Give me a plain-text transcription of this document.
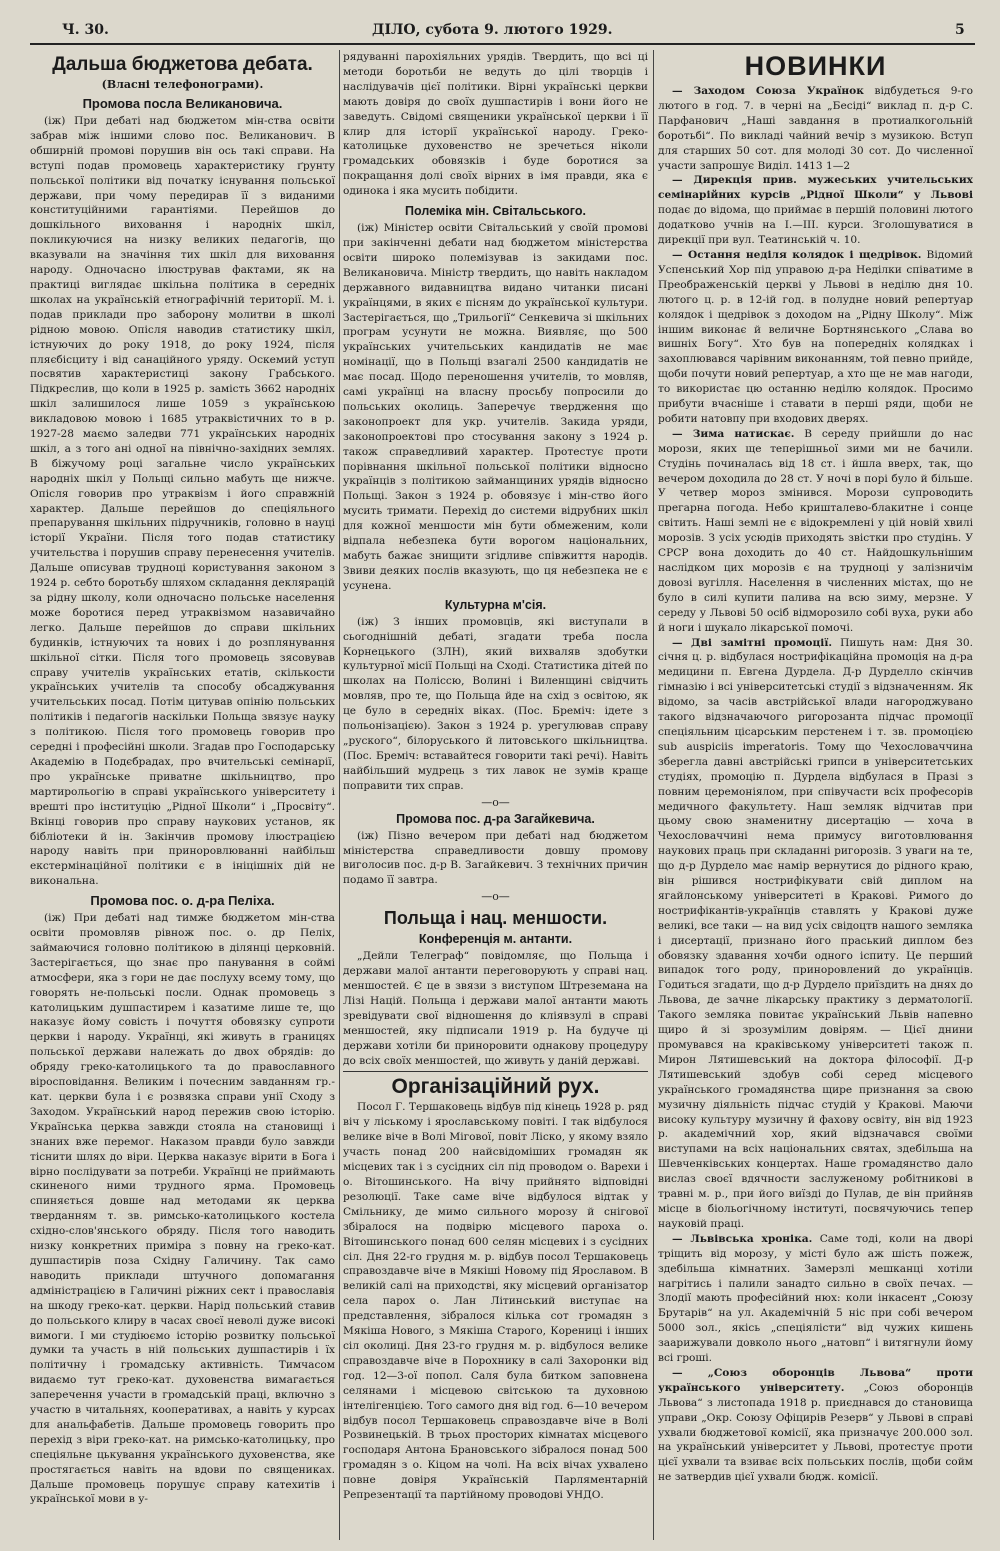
Ч. 30.	ДІЛО, субота 9. лютого 1929.	5
Дальша бюджетова дебата.
(Власні телефонограми).
Промова посла Великановича.

(іж) При дебаті над бюджетом мін-ства освіти забрав між іншими слово пос. Великанович. В обширній промові порушив він ось такі справи. На вступі подав промовець характеристику ґрунту польської політики від початку існування польської держави, при чому передирав її з виданими конституційними гарантіями. Перейшов до дошкільного виховання і народніх шкіл, покликуючися на низку великих педагогів, що вказували на значіння тих шкіл для виховання народу. Одночасно ілюстрував фактами, як на практиці виглядає шкільна політика в середніх школах на українській етнографічній території. М. і. подав приклади про заборону молитви в школі рідною мовою. Опісля наводив статистику шкіл, істнуючих до року 1918, до року 1924, після пляєбісциту і від санаційного уряду. Оскемий уступ посвятив характеристиці закону Грабського. Підкреслив, що коли в 1925 р. замість 3662 народніх шкіл залишилося лише 1059 з українською викладовою мовою і 1685 утраквістичних то в р. 1927-28 маємо заледви 771 українських народніх шкіл, а з того ані одної на північно-західних землях. В біжучому році загальне число українських народніх шкіл у Польщі сильно мабуть ще нижче. Опісля говорив про утраквізм і його справжній характер. Дальше перейшов до спеціяльного препарування шкільних підручників, головно в науці історії України. Після того подав статистику учительства і порушив справу перенесення учителів. Дальше описував трудноці користування законом з 1924 р. себто боротьбу шляхом складання деклярацій за рідну школу, коли одночасно польське населення може боротися перед утраквізмом назавичайно легко. Дальше перейшов до справи шкільних будинків, істнуючих та нових і до розплянування шкільної сітки. Після того промовець зясовував справу учителів українських етатів, скількости українських учителів та способу обсаджування учительських посад. Потім цитував опінію польських політиків і педагогів наскільки Польща звязує науку з політикою. Після того промовець говорив про середні і професійні школи. Згадав про Господарську Академію в Подєбрадах, про вчительські семінарії, про українське приватне шкільництво, про мартирольогію в справі українського університету і врешті про інституцію „Рідної Школи“ і „Просвіту“. Вкінці говорив про справу наукових установ, як бібліотеки й ін. Закінчив промову ілюстрацією народу навіть при приноровлюванні найбільш екстермінаційної політики є в ініцішніх дій не викональна.

Промова пос. о. д-ра Пеліха.

(іж) При дебаті над тимже бюджетом мін-ства освіти промовляв рівнож пос. о. др Пеліх, займаючися головно політикою в ділянці церковній. Застерігається, що знає про панування в соймі атмосфери, яка з гори не дає послуху всему тому, що говорять не-польські посли. Однак промовець з католицьким душпастирем і казатиме лише те, що наказує йому совість і почуття обовязку супроти церкви і народу. Українці, які живуть в границях польської держави належать до двох обрядів: до обряду греко-католицького та до православного віросповідання. Великим і почесним завданням гр.-кат. церкви була і є розвязка справи унії Сходу з Заходом. Український народ пережив свою історію. Українська церква завжди стояла на становищі і знаних вже перемог. Наказом правди було завжди тіснити шлях до віри. Церква наказує вірити в Бога і вірно послідувати за потреби. Українці не приймають скиненого ними трудного ярма. Промовець спиняється довше над методами як церква тверданням т. зв. римсько-католицького костела східно-слов'янського обряду. Після того наводить низку конкретних приміра з повну на греко-кат. душпастирів поза Східну Галичину. Так само наводить приклади штучного допомагання адміністрацією в Галичині ріжних сект і православія на шкоду греко-кат. церкви. Нарід польський ставив до польського клиру в часах своєї неволі дуже високі вимоги. І ми студіюємо історію розвитку польської думки та участь в ній польських душпастирів і їх політичну і громадську активність. Тимчасом видаємо тут греко-кат. духовенства вимагається заперечення участи в громадській праці, включно з участю в читальнях, кооперативах, а навіть у курсах для анальфабетів. Дальше промовець говорить про перехід з віри греко-кат. на римсько-католицьку, про спеціяльне цькування українського духовенства, яке простягається навіть на вдови по священиках. Дальше промовець порушує справу катехитів і української мови в у-

рядуванні парохіяльних урядів. Твердить, що всі ці методи боротьби не ведуть до цілі творців і наслідувачів цієї політики. Вірні українські церкви мають довіря до своїх душпастирів і вони його не заведуть. Свідомі священики української церкви і її клир для історії української народу. Греко-католицьке духовенство не зречеться ніколи громадських обовязків і буде боротися за покращання долі своїх вірних в імя правди, яка є одинока і яка мусить побідити.

Полеміка мін. Світальського.

(іж) Міністер освіти Світальський у своїй промові при закінченні дебати над бюджетом міністерства освіти широко полемізував із закидами пос. Великановича. Міністр твердить, що навіть накладом державного видавництва видано читанки писані українцями, в яких є пісням до української культури. Застерігається, що „Трильогії“ Сенкевича зі шкільних програм усунути не можна. Виявляє, що 500 українських учительських кандидатів не має номінації, що в Польщі взагалі 2500 кандидатів не має посад. Щодо переношення учителів, то мовляв, самі українці на власну просьбу попросили до польських околиць. Заперечує твердження що законопроект для укр. учителів. Закида уряди, законопроектові про стосування закону з 1924 р. також справедливий характер. Протестує проти порівнання шкільної польської політики відносно українців з політикою займанщиних урядів відносно Польщі. Закон з 1924 р. обовязує і мін-ство його мусить тримати. Перехід до системи відрубних шкіл для кожної меншости мін бути обмеженим, коли відпала небезпека бути ворогом національних, мабуть бажає знищити згідливе співжиття народів. Звиви деяких послів вказують, що ця небезпека не є усунена.

Культурна м'сія.

(іж) З інших промовців, які виступали в сьогоднішній дебаті, згадати треба посла Корнецького (ЗЛН), який вихваляв здобутки культурної місії Польщі на Сході. Статистика дітей по школах на Поліссю, Волині і Виленщині свідчить мовляв, про те, що Польща йде на схід з освітою, як це було в середніх віках. (Пос. Бреміч: ідете з польонізацією). Закон з 1924 р. урегулював справу „руского“, білоруського й литовського шкільництва. (Пос. Бреміч: вставайтеся говорити такі речі). Навіть найбільший мудрець з тих лавок не зумів краще поправити тих справ.

—о—
Промова пос. д-ра Загайкевича.

(іж) Пізно вечером при дебаті над бюджетом міністерства справедливости довшу промову виголосив пос. д-р В. Загайкевич. З технічних причин подамо її завтра.

—о—
Польща і нац. меншости.
Конференція м. антанти.

„Дейли Телеграф“ повідомляє, що Польща і держави малої антанти переговорують у справі нац. меншостей. Є це в звязи з виступом Штреземана на Лізі Націй. Польща і держави малої антанти мають зревідувати свої відношення до кліявзулі в справі меншостей, яку підписали 1919 р. На будуче ці держави хотіли би приноровити однакову процедуру до всіх своїх меншостей, що живуть у даній державі.

Організаційний рух.

Посол Г. Тершаковець відбув під кінець 1928 р. ряд віч у ліському і ярославському повіті. І так відбулося велике віче в Волі Мігової, повіт Ліско, у якому взяло участь понад 200 найсвідоміших громадян як місцевих так і з сусідних сіл під проводом о. Варехи і о. Вітошинського. На вічу прийнято відповідні резолюції. Таке саме віче відбулося відтак у Смільнику, де мимо сильного морозу й снігової збіралося на подвірю місцевого пароха о. Вітошинського понад 600 селян місцевих і з сусідних сіл. Дня 22-го грудня м. р. відбув посол Тершаковець справоздавче віче в Мякіші Новому під Ярославом. В великій салі на приходстві, яку місцевий організатор села парох о. Лан Літинський виступає на представлення, зібралося кілька сот громадян з Мякіша Нового, з Мякіша Старого, Корениці і інших сіл околиці. Дня 23-го грудня м. р. відбулося велике справоздавче віче в Порохнику в салі Захоронки від год. 12—3-ої попол. Саля була битком заповнена селянами і місцевою світською та духовною інтелігенцією. Того самого дня від год. 6—10 вечером відбув посол Тершаковець справоздавче віче в Волі Розвинецькій. В трьох просторих кімнатах місцевого господаря Антона Брановського зібралося понад 500 громадян з о. Кіцом на чолі. На всіх вічах ухвалено повне довіря Українській Парляментарній Репрезентації та партійному проводові УНДО.

НОВИНКИ

— Заходом Союза Українок відбудеться 9-го лютого в год. 7. в черні на „Бесіді“ виклад п. д-р С. Парфанович „Наші завдання в протиалкогольній боротьбі“. По викладі чайний вечір з музикою. Вступ для старших 50 сот. для молоді 30 сот. До численної участи запрошує Виділ. 1413 1—2

— Дирекція прив. мужеських учительських семінарійних курсів „Рідної Школи“ у Львові подає до відома, що приймає в першій половині лютого додатково учнів на І.—ІІІ. курси. Зголошуватися в дирекції при вул. Театинській ч. 10.

— Остання неділя колядок і щедрівок. Відомий Успенський Хор під управою д-ра Неділки співатиме в Преображенській церкві у Львові в неділю дня 10. лютого ц. р. в 12-ій год. в полудне новий репертуар колядок і щедрівок з доходом на „Рідну Школу“. Між іншим виконає й величне Бортнянського „Слава во вишніх Богу“. Хто був на попередніх колядках і захоплювався чарівним виконанням, той певно прийде, щоби почути новий репертуар, а хто ще не мав нагоди, то використає цю останню неділю колядок. Просимо прибути вчасніше і ставати в перші ряди, щоби не робити натовпу при входових дверях.

— Зима натискає. В середу прийшли до нас морози, яких ще теперішньої зими ми не бачили. Студінь починалась від 18 ст. і йшла вверх, так, що вечером доходила до 28 ст. У ночі в порі було й більше. У четвер мороз змінився. Морози супроводить прегарна погода. Небо кришталево-блакитне і сонце світить. Наші землі не є відокремлені у цій новій хвилі морозів. З усіх усюдів приходять звістки про студінь. У СРСР вона доходить до 40 ст. Найдошкульнішим наслідком цих морозів є на трудноці у залізничім довозі вугілля. Населення в численних містах, що не було в силі купити палива на всю зиму, мерзне. У середу у Львові 50 осіб відморозило собі вуха, руки або й ноги і шукало лікарської помочі.

— Дві замітні промоції. Пишуть нам: Дня 30. січня ц. р. відбулася нострифікаційна промоція на д-ра медицини п. Евгена Дурдела. Д-р Дурделло скінчив гімназію і всі університетські студії з відзначенням. Як відомо, за часів австрійської влади нагороджувано такого відзначаючого ригорозанта підчас промоції спеціяльним цісарським перстенем і т. зв. промоцією sub auspiciis imperatoris. Тому що Чехословаччина зберегла давні австрійські грипси в університетських студіях, промоцію п. Дурдела відбулася в Празі з повним церемоніялом, при співучасти всіх професорів медичного факультету. Наш земляк відчитав при цьому свою знаменитну дисертацію — хоча в Чехословаччині нема примусу виготовлювання наукових праць при складанні ригорозів. З уваги на те, що д-р Дурдело має намір вернутися до рідного краю, він рішився нострифікувати свій диплом на ягайлонському університеті в Кракові. Римого до нострифікантів-українців ставлять у Кракові дуже великі, все таки — на вид усіх свідоцтв нашого земляка і дисертації, признано його праський диплом без обовязку здавання хочби одного іспиту. Це перший випадок того роду, приноровлений до українців. Годиться згадати, що д-р Дурдело приїздить на днях до Львова, де зачне лікарську практику з дерматології. Такого земляка повитає український Львів напевно щиро й зі зрозумілим довірям. — Цієї днини промувався на краківському університеті також п. Мирон Лятишевський на доктора філософії. Д-р Лятишевський здобув собі серед місцевого українського громадянства щире признання за свою музичну діяльність підчас студій у Кракові. Маючи високу культуру музичну й фахову освіту, він від 1923 р. академічний хор, який відзначався своїми виступами на всіх національних святах, здебільша на Шевченківських концертах. Наше громадянство дало вислаз своєї вдячности заслуженому робітникові в травні м. р., при його виїзді до Пулав, де він прийняв місце в біольогічному інституті, посвячуючись тепер науковій праці.

— Львівська хроніка. Саме тоді, коли на дворі тріщить від морозу, у місті було аж шість пожеж, здебільша кімнатних. Замерзлі мешканці хотіли нагрітись і палили занадто сильно в своїх печах. — Злодії мають професійний нюх: коли інкасент „Союзу Брутарів“ на ул. Академічній 5 ніс при собі вечером 5000 зол., якісь „спеціялісти“ від чужих кишень заарижували довколо нього „натовп“ і витягнули йому всі гроші.

— „Союз оборонців Львова“ проти українського університету. „Союз оборонців Львова“ з листопада 1918 р. приєднався до становища управи „Окр. Союзу Офіцирів Резерв“ у Львові в справі ухвали бюджетової комісії, яка призначує 200.000 зол. на український університет у Львові, протестує проти цієї ухвали та взиває всіх польських послів, щоби сойм не затвердив цієї ухвали бюдж. комісії.
